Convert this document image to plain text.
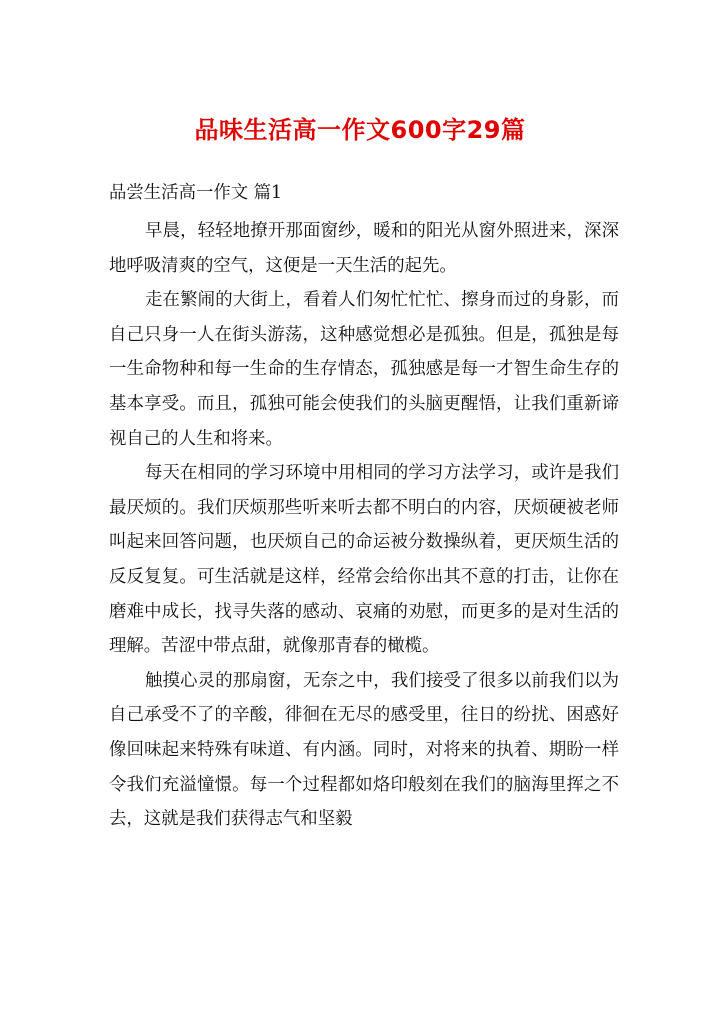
品味生活高一作文600字29篇
品尝生活高一作文 篇1

早晨，轻轻地撩开那面窗纱，暖和的阳光从窗外照进来，深深地呼吸清爽的空气，这便是一天生活的起先。

走在繁闹的大街上，看着人们匆忙忙忙、擦身而过的身影，而自己只身一人在街头游荡，这种感觉想必是孤独。但是，孤独是每一生命物种和每一生命的生存情态，孤独感是每一才智生命生存的基本享受。而且，孤独可能会使我们的头脑更醒悟，让我们重新谛视自己的人生和将来。

每天在相同的学习环境中用相同的学习方法学习，或许是我们最厌烦的。我们厌烦那些听来听去都不明白的内容，厌烦硬被老师叫起来回答问题，也厌烦自己的命运被分数操纵着，更厌烦生活的反反复复。可生活就是这样，经常会给你出其不意的打击，让你在磨难中成长，找寻失落的感动、哀痛的劝慰，而更多的是对生活的理解。苦涩中带点甜，就像那青春的橄榄。

触摸心灵的那扇窗，无奈之中，我们接受了很多以前我们以为自己承受不了的辛酸，徘徊在无尽的感受里，往日的纷扰、困惑好像回味起来特殊有味道、有内涵。同时，对将来的执着、期盼一样令我们充溢憧憬。每一个过程都如烙印般刻在我们的脑海里挥之不去，这就是我们获得志气和坚毅
